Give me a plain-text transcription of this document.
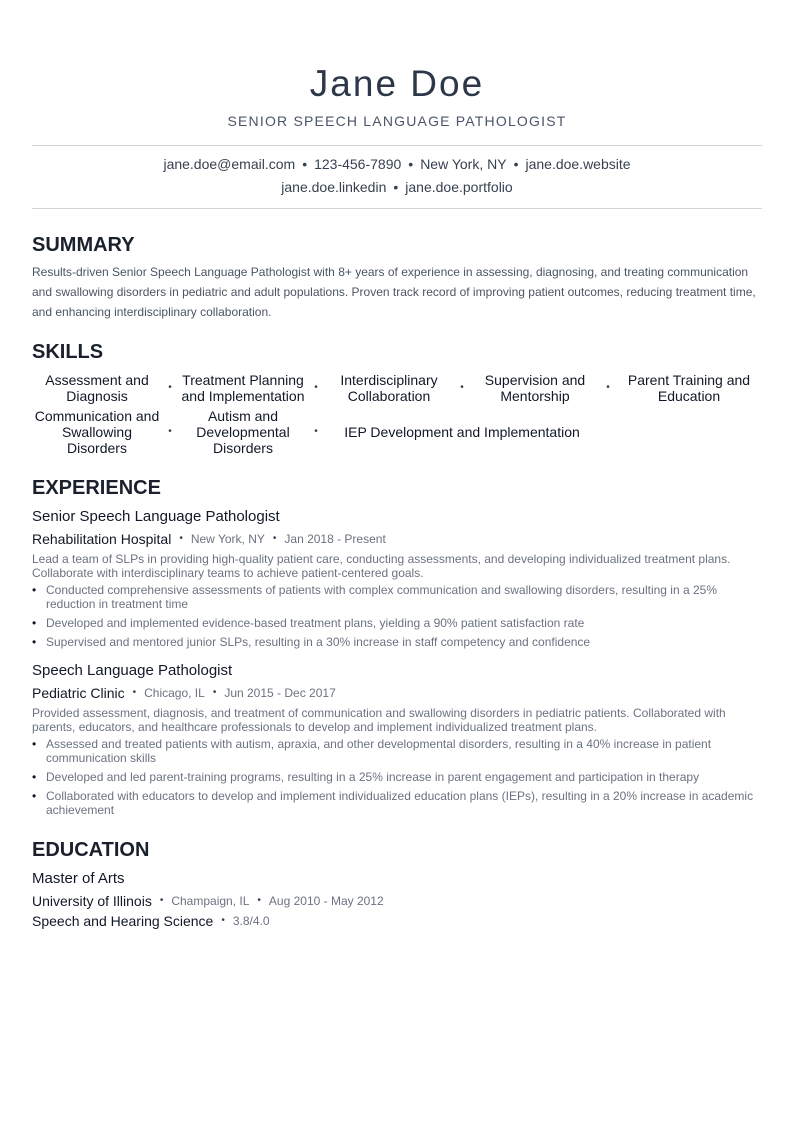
Jane Doe
SENIOR SPEECH LANGUAGE PATHOLOGIST
jane.doe@email.com • 123-456-7890 • New York, NY • jane.doe.website
jane.doe.linkedin • jane.doe.portfolio
SUMMARY
Results-driven Senior Speech Language Pathologist with 8+ years of experience in assessing, diagnosing, and treating communication and swallowing disorders in pediatric and adult populations. Proven track record of improving patient outcomes, reducing treatment time, and enhancing interdisciplinary collaboration.
SKILLS
Assessment and Diagnosis
• Treatment Planning and Implementation
•	Interdisciplinary Collaboration
•	Supervision and Mentorship
•	Parent Training and Education
Communication and Swallowing Disorders
•
Autism and Developmental Disorders
•	IEP Development and Implementation
EXPERIENCE
Senior Speech Language Pathologist
Rehabilitation Hospital • New York, NY • Jan 2018 - Present
Lead a team of SLPs in providing high-quality patient care, conducting assessments, and developing individualized treatment plans. Collaborate with interdisciplinary teams to achieve patient-centered goals.
• Conducted comprehensive assessments of patients with complex communication and swallowing disorders, resulting in a 25% reduction in treatment time
• Developed and implemented evidence-based treatment plans, yielding a 90% patient satisfaction rate
• Supervised and mentored junior SLPs, resulting in a 30% increase in staff competency and confidence
Speech Language Pathologist
Pediatric Clinic • Chicago, IL • Jun 2015 - Dec 2017
Provided assessment, diagnosis, and treatment of communication and swallowing disorders in pediatric patients. Collaborated with parents, educators, and healthcare professionals to develop and implement individualized treatment plans.
• Assessed and treated patients with autism, apraxia, and other developmental disorders, resulting in a 40% increase in patient communication skills
• Developed and led parent-training programs, resulting in a 25% increase in parent engagement and participation in therapy
• Collaborated with educators to develop and implement individualized education plans (IEPs), resulting in a 20% increase in academic achievement
EDUCATION
Master of Arts
University of Illinois • Champaign, IL • Aug 2010 - May 2012
Speech and Hearing Science • 3.8/4.0
